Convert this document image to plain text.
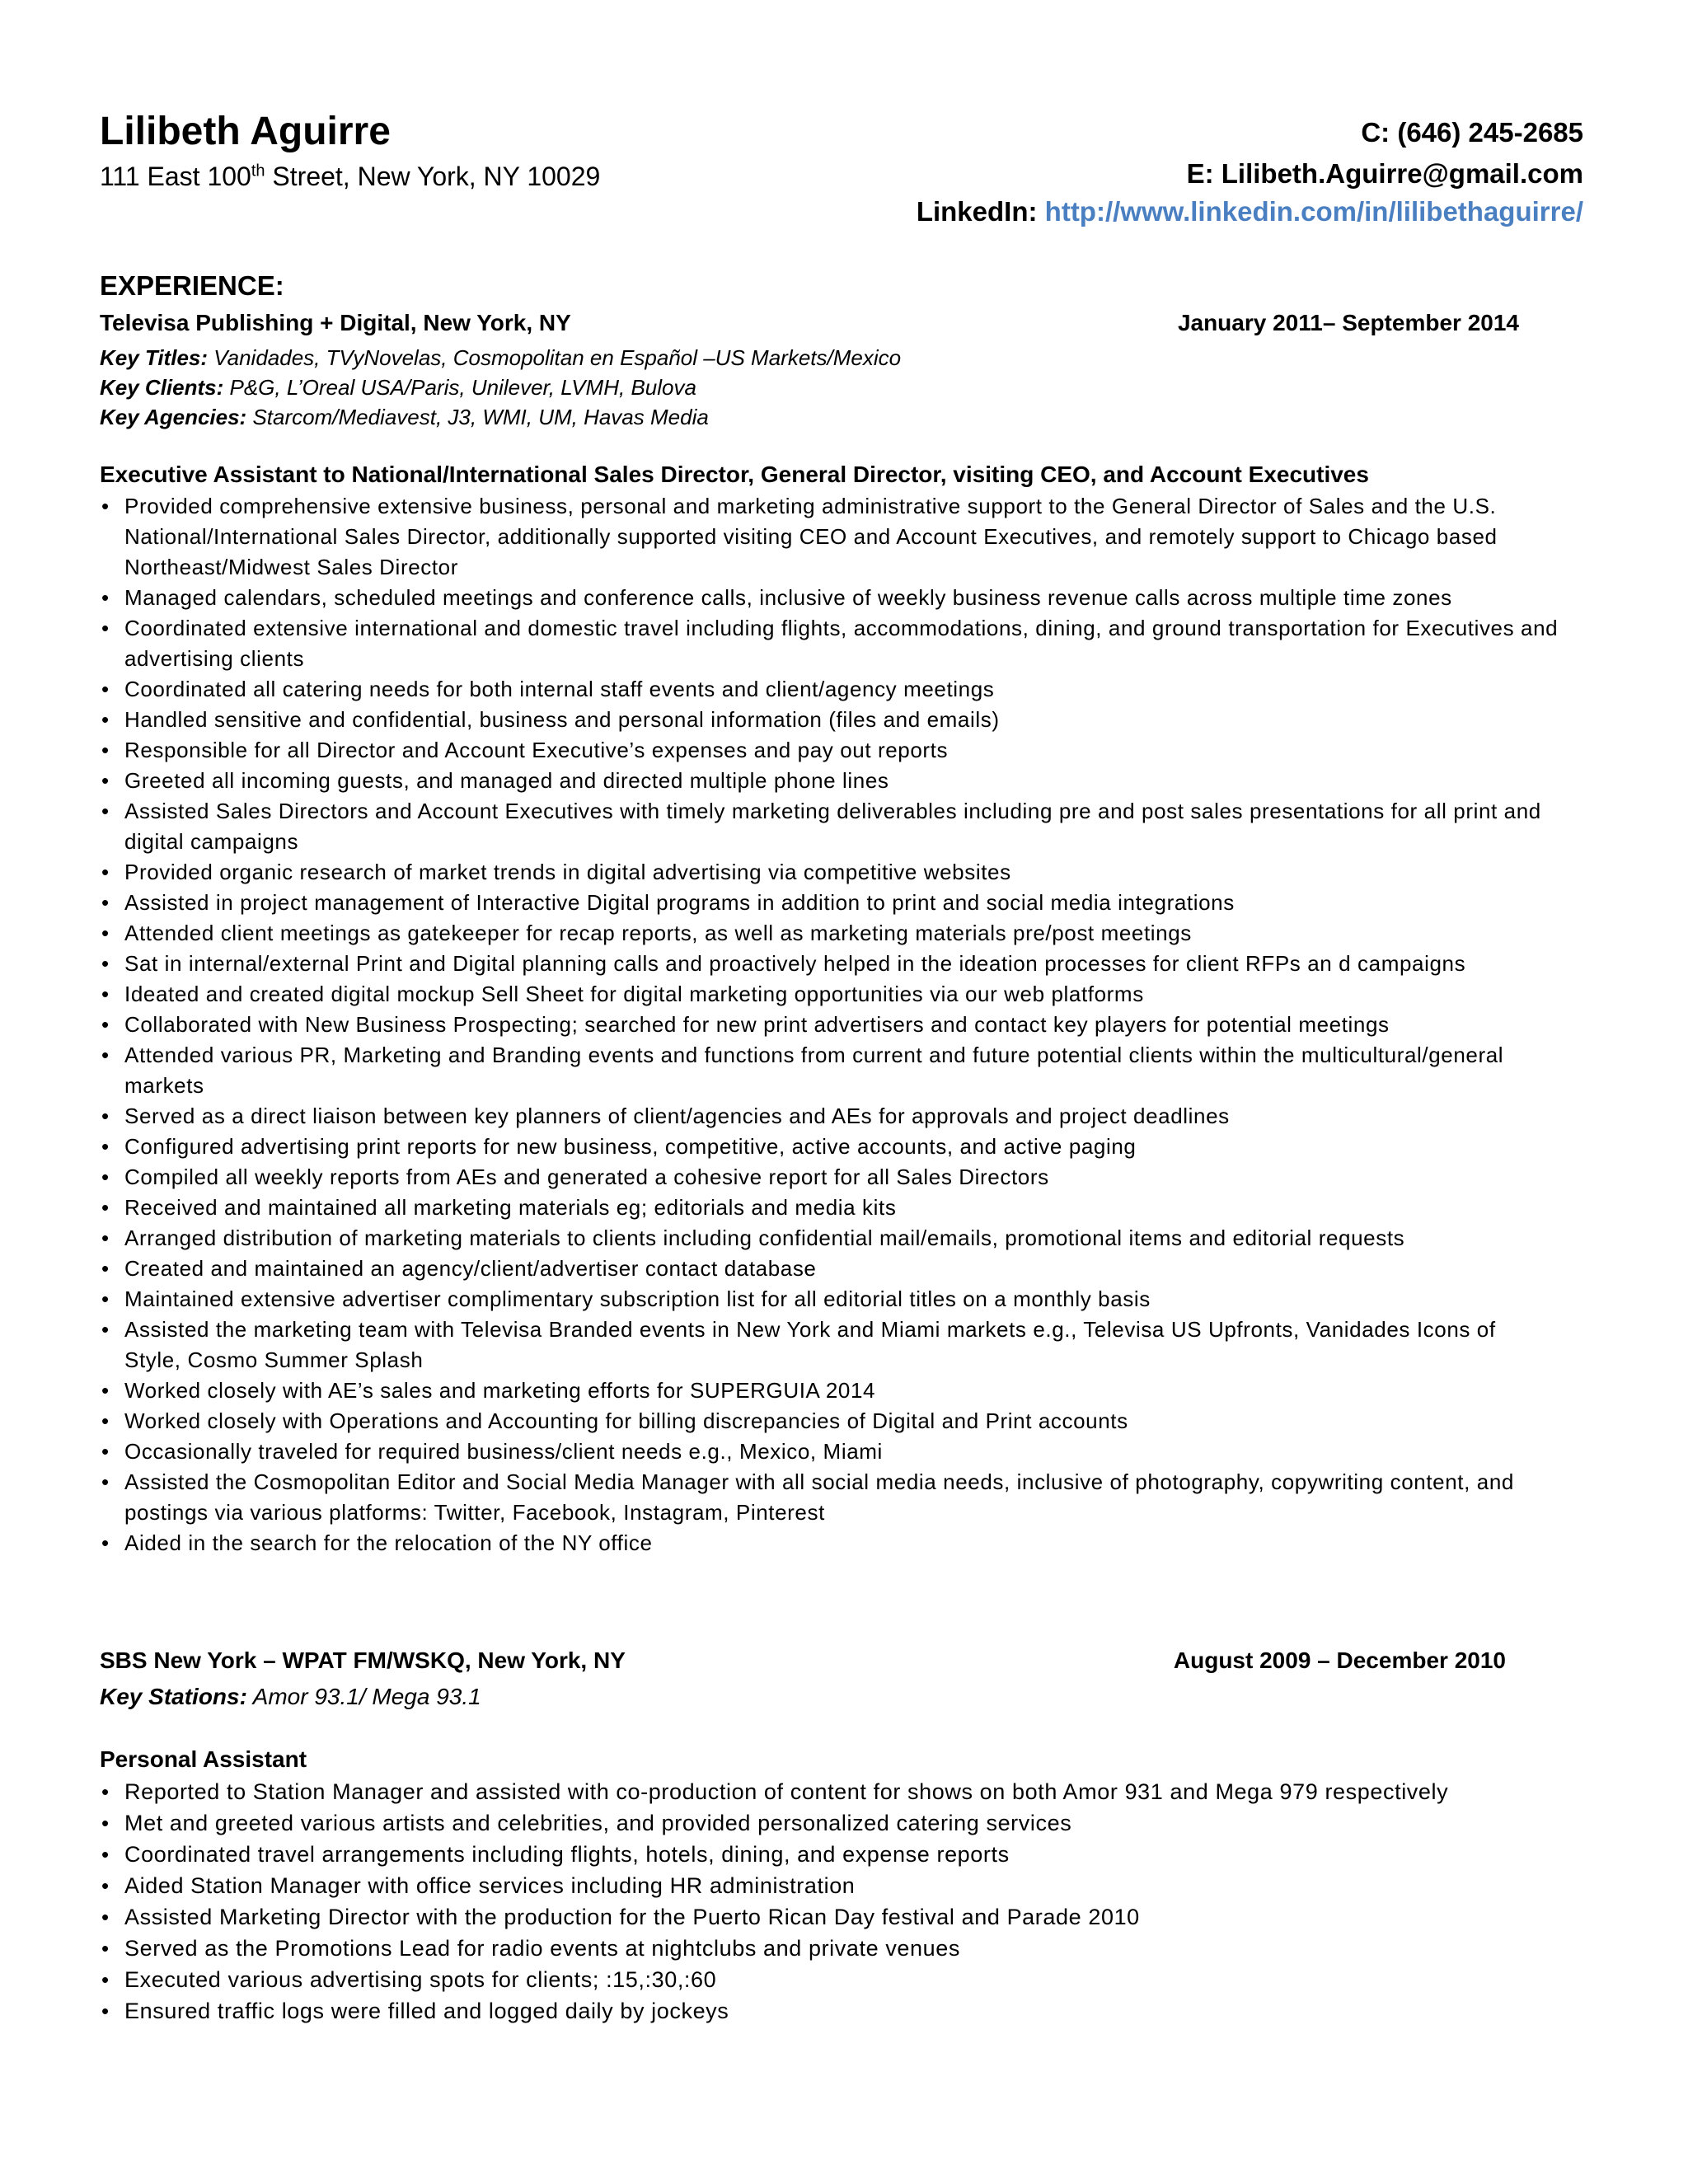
Lilibeth Aguirre
111 East 100th Street, New York, NY 10029
C: (646) 245-2685
E: Lilibeth.Aguirre@gmail.com
LinkedIn: http://www.linkedin.com/in/lilibethaguirre/
EXPERIENCE:
Televisa Publishing + Digital, New York, NY	January 2011– September 2014
Key Titles: Vanidades, TVyNovelas, Cosmopolitan en Español –US Markets/Mexico
Key Clients: P&G, L’Oreal USA/Paris, Unilever, LVMH, Bulova
Key Agencies: Starcom/Mediavest, J3, WMI, UM, Havas Media
Executive Assistant to National/International Sales Director, General Director, visiting CEO, and Account Executives
• Provided comprehensive extensive business, personal and marketing administrative support to the General Director of Sales and the U.S. National/International Sales Director, additionally supported visiting CEO and Account Executives, and remotely support to Chicago based Northeast/Midwest Sales Director
• Managed calendars, scheduled meetings and conference calls, inclusive of weekly business revenue calls across multiple time zones
• Coordinated extensive international and domestic travel including flights, accommodations, dining, and ground transportation for Executives and advertising clients
• Coordinated all catering needs for both internal staff events and client/agency meetings
• Handled sensitive and confidential, business and personal information (files and emails)
• Responsible for all Director and Account Executive’s expenses and pay out reports
• Greeted all incoming guests, and managed and directed multiple phone lines
• Assisted Sales Directors and Account Executives with timely marketing deliverables including pre and post sales presentations for all print and digital campaigns
• Provided organic research of market trends in digital advertising via competitive websites
• Assisted in project management of Interactive Digital programs in addition to print and social media integrations
• Attended client meetings as gatekeeper for recap reports, as well as marketing materials pre/post meetings
• Sat in internal/external Print and Digital planning calls and proactively helped in the ideation processes for client RFPs an d campaigns
• Ideated and created digital mockup Sell Sheet for digital marketing opportunities via our web platforms
• Collaborated with New Business Prospecting; searched for new print advertisers and contact key players for potential meetings
• Attended various PR, Marketing and Branding events and functions from current and future potential clients within the multicultural/general markets
• Served as a direct liaison between key planners of client/agencies and AEs for approvals and project deadlines
• Configured advertising print reports for new business, competitive, active accounts, and active paging
• Compiled all weekly reports from AEs and generated a cohesive report for all Sales Directors
• Received and maintained all marketing materials eg; editorials and media kits
• Arranged distribution of marketing materials to clients including confidential mail/emails, promotional items and editorial requests
• Created and maintained an agency/client/advertiser contact database
• Maintained extensive advertiser complimentary subscription list for all editorial titles on a monthly basis
• Assisted the marketing team with Televisa Branded events in New York and Miami markets e.g., Televisa US Upfronts, Vanidades Icons of Style, Cosmo Summer Splash
• Worked closely with AE’s sales and marketing efforts for SUPERGUIA 2014
• Worked closely with Operations and Accounting for billing discrepancies of Digital and Print accounts
• Occasionally traveled for required business/client needs e.g., Mexico, Miami
• Assisted the Cosmopolitan Editor and Social Media Manager with all social media needs, inclusive of photography, copywriting content, and postings via various platforms: Twitter, Facebook, Instagram, Pinterest
• Aided in the search for the relocation of the NY office
SBS New York – WPAT FM/WSKQ, New York, NY	August 2009 – December 2010
Key Stations: Amor 93.1/ Mega 93.1
Personal Assistant
• Reported to Station Manager and assisted with co-production of content for shows on both Amor 931 and Mega 979 respectively
• Met and greeted various artists and celebrities, and provided personalized catering services
• Coordinated travel arrangements including flights, hotels, dining, and expense reports
• Aided Station Manager with office services including HR administration
• Assisted Marketing Director with the production for the Puerto Rican Day festival and Parade 2010
• Served as the Promotions Lead for radio events at nightclubs and private venues
• Executed various advertising spots for clients; :15,:30,:60
• Ensured traffic logs were filled and logged daily by jockeys
